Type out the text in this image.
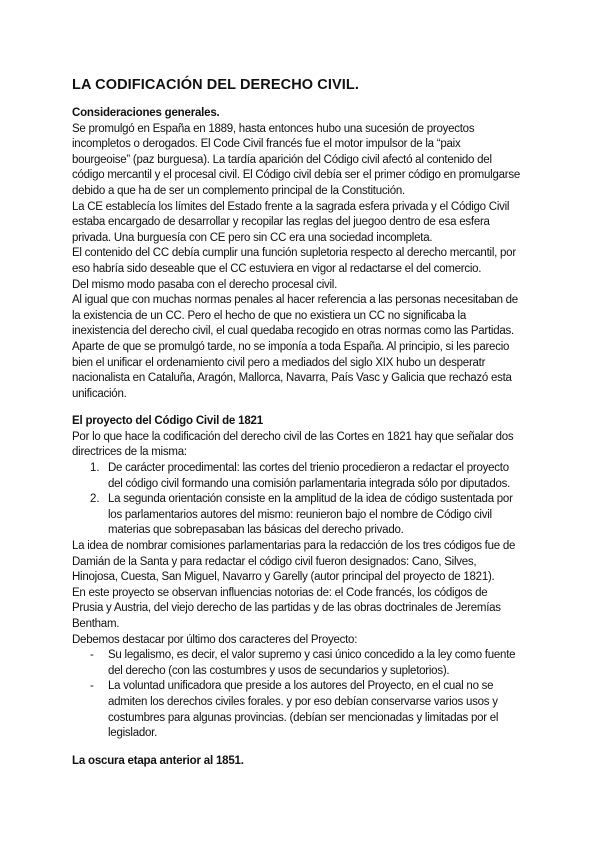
LA CODIFICACIÓN DEL DERECHO CIVIL.
Consideraciones generales.
Se promulgó en España en 1889, hasta entonces hubo una sucesión de proyectos
incompletos o derogados. El Code Civil francés fue el motor impulsor de la “paix
bourgeoise” (paz burguesa). La tardía aparición del Código civil afectó al contenido del
código mercantil y el procesal civil. El Código civil debía ser el primer código en promulgarse
debido a que ha de ser un complemento principal de la Constitución.
La CE establecía los límites del Estado frente a la sagrada esfera privada y el Código Civil
estaba encargado de desarrollar y recopilar las reglas del juegoo dentro de esa esfera
privada. Una burguesía con CE pero sin CC era una sociedad incompleta.
El contenido del CC debía cumplir una función supletoria respecto al derecho mercantil, por
eso habría sido deseable que el CC estuviera en vigor al redactarse el del comercio.
Del mismo modo pasaba con el derecho procesal civil.
Al igual que con muchas normas penales al hacer referencia a las personas necesitaban de
la existencia de un CC. Pero el hecho de que no existiera un CC no significaba la
inexistencia del derecho civil, el cual quedaba recogido en otras normas como las Partidas.
Aparte de que se promulgó tarde, no se imponía a toda España. Al principio, si les parecio
bien el unificar el ordenamiento civil pero a mediados del siglo XIX hubo un desperatr
nacionalista en Cataluña, Aragón, Mallorca, Navarra, País Vasc y Galicia que rechazó esta
unificación.
El proyecto del Código Civil de 1821
Por lo que hace la codificación del derecho civil de las Cortes en 1821 hay que señalar dos
directrices de la misma:
1. De carácter procedimental: las cortes del trienio procedieron a redactar el proyecto
del código civil formando una comisión parlamentaria integrada sólo por diputados.
2. La segunda orientación consiste en la amplitud de la idea de código sustentada por
los parlamentarios autores del mismo: reunieron bajo el nombre de Código civil
materias que sobrepasaban las básicas del derecho privado.
La idea de nombrar comisiones parlamentarias para la redacción de los tres códigos fue de
Damián de la Santa y para redactar el código civil fueron designados: Cano, Silves,
Hinojosa, Cuesta, San Miguel, Navarro y Garelly (autor principal del proyecto de 1821).
En este proyecto se observan influencias notorias de: el Code francés, los códigos de
Prusia y Austria, del viejo derecho de las partidas y de las obras doctrinales de Jeremías
Bentham.
Debemos destacar por último dos caracteres del Proyecto:
- Su legalismo, es decir, el valor supremo y casi único concedido a la ley como fuente
del derecho (con las costumbres y usos de secundarios y supletorios).
- La voluntad unificadora que preside a los autores del Proyecto, en el cual no se
admiten los derechos civiles forales. y por eso debían conservarse varios usos y
costumbres para algunas provincias. (debían ser mencionadas y limitadas por el
legislador.
La oscura etapa anterior al 1851.
